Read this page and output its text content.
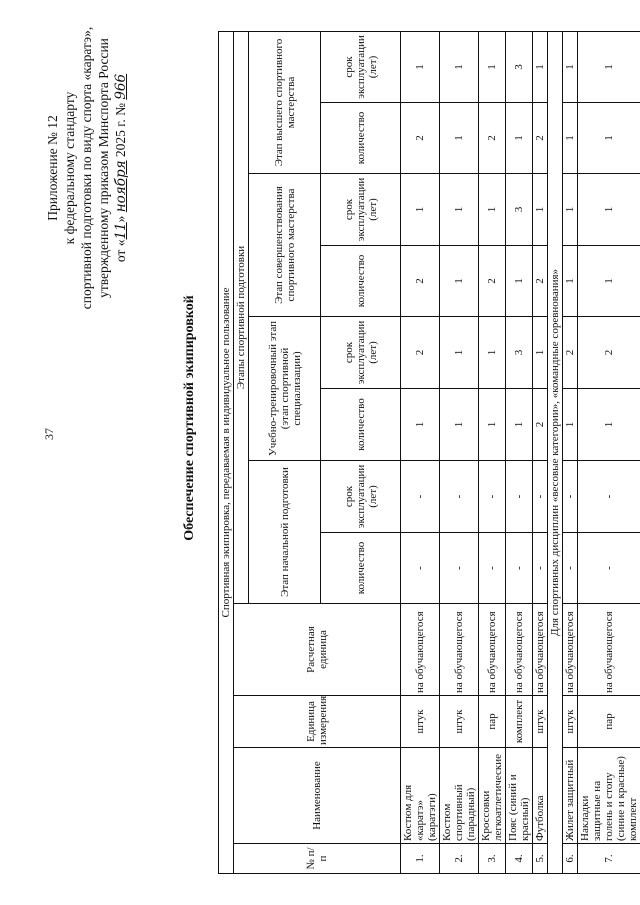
37
Приложение № 12 к федеральному стандарту спортивной подготовки по виду спорта «каратэ», утвержденному приказом Минспорта России от «11» ноября 2025 г. № 966
Обеспечение спортивной экипировкой Спортивная экипировка, передаваемая в индивидуальное пользование											
№ п/п	Наименование	Единица измерения	Расчетная единица	Этапы спортивной подготовки							
				Этап начальной подготовки		Учебно-тренировочный этап (этап спортивной специализации)		Этап совершенствования спортивного мастерства		Этап высшего спортивного мастерства	
				количество	срок эксплуатации (лет)	количество	срок эксплуатации (лет)	количество	срок эксплуатации (лет)	количество	срок эксплуатации (лет)
1.	Костюм для «каратэ» (каратэги)	штук	на обучающегося	-	-	1	2	2	1	2	1
2.	Костюм спортивный (парадный)	штук	на обучающегося	-	-	1	1	1	1	1	1
3.	Кроссовки легкоатлетические	пар	на обучающегося	-	-	1	1	2	1	2	1
4.	Пояс (синий и красный)	комплект	на обучающегося	-	-	1	3	1	3	1	3
5.	Футболка	штук	на обучающегося	-	-	2	1	2	1	2	1
Для спортивных дисциплин «весовые категории», «командные соревнования»											
6.	Жилет защитный	штук	на обучающегося	-	-	1	2	1	1	1	1
7.	Накладки защитные на голень и стопу (синие и красные) комплект	пар	на обучающегося	-	-	1	2	1	1	1	1
